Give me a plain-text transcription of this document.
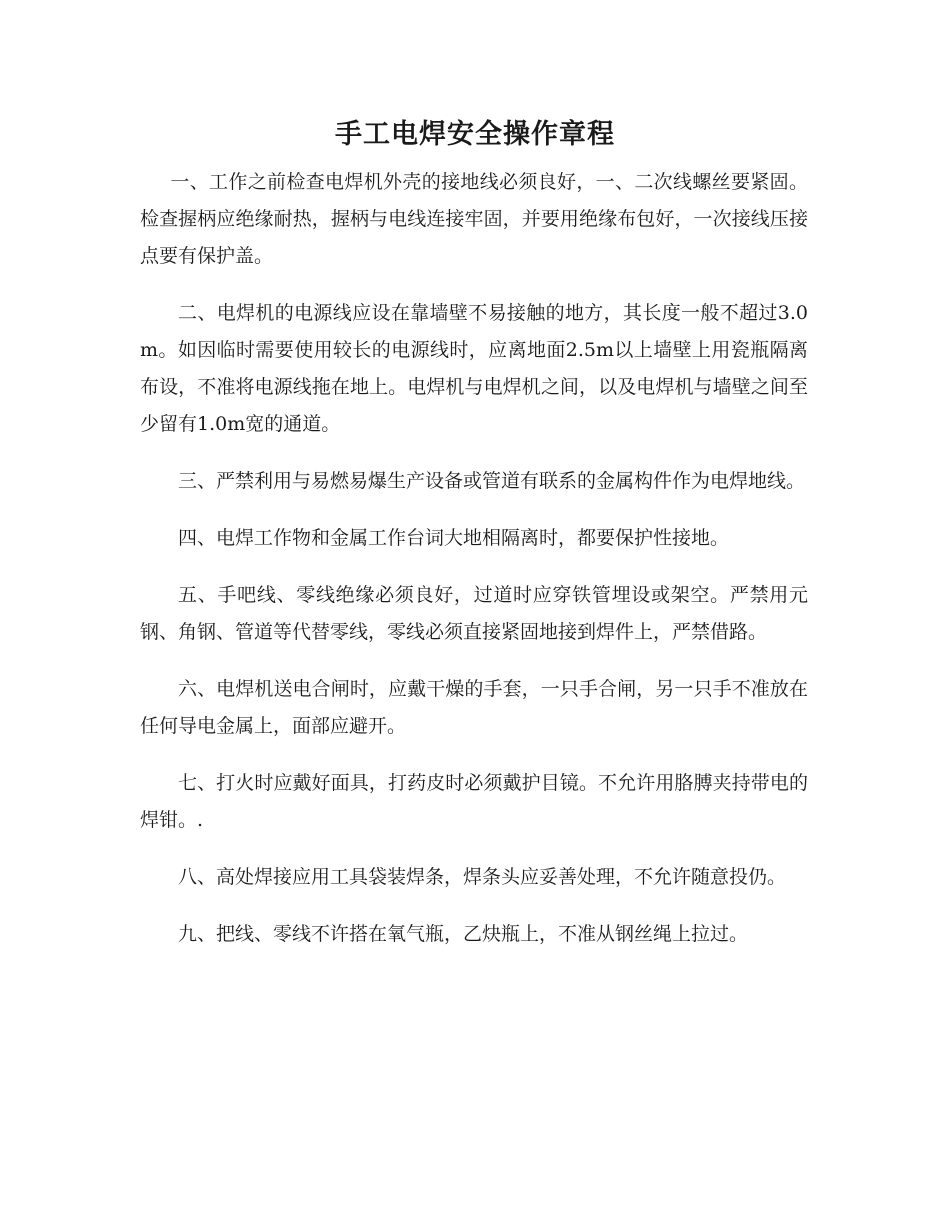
手工电焊安全操作章程

一、工作之前检查电焊机外壳的接地线必须良好，一、二次线螺丝要紧固。检查握柄应绝缘耐热，握柄与电线连接牢固，并要用绝缘布包好，一次接线压接点要有保护盖。

二、电焊机的电源线应设在靠墙壁不易接触的地方，其长度一般不超过3.0m。如因临时需要使用较长的电源线时，应离地面2.5m以上墙壁上用瓷瓶隔离布设，不准将电源线拖在地上。电焊机与电焊机之间，以及电焊机与墙壁之间至少留有1.0m宽的通道。

三、严禁利用与易燃易爆生产设备或管道有联系的金属构件作为电焊地线。

四、电焊工作物和金属工作台词大地相隔离时，都要保护性接地。

五、手吧线、零线绝缘必须良好，过道时应穿铁管埋设或架空。严禁用元钢、角钢、管道等代替零线，零线必须直接紧固地接到焊件上，严禁借路。

六、电焊机送电合闸时，应戴干燥的手套，一只手合闸，另一只手不准放在任何导电金属上，面部应避开。

七、打火时应戴好面具，打药皮时必须戴护目镜。不允许用胳膊夹持带电的焊钳。.

八、高处焊接应用工具袋装焊条，焊条头应妥善处理，不允许随意投仍。

九、把线、零线不许搭在氧气瓶，乙炔瓶上，不准从钢丝绳上拉过。
